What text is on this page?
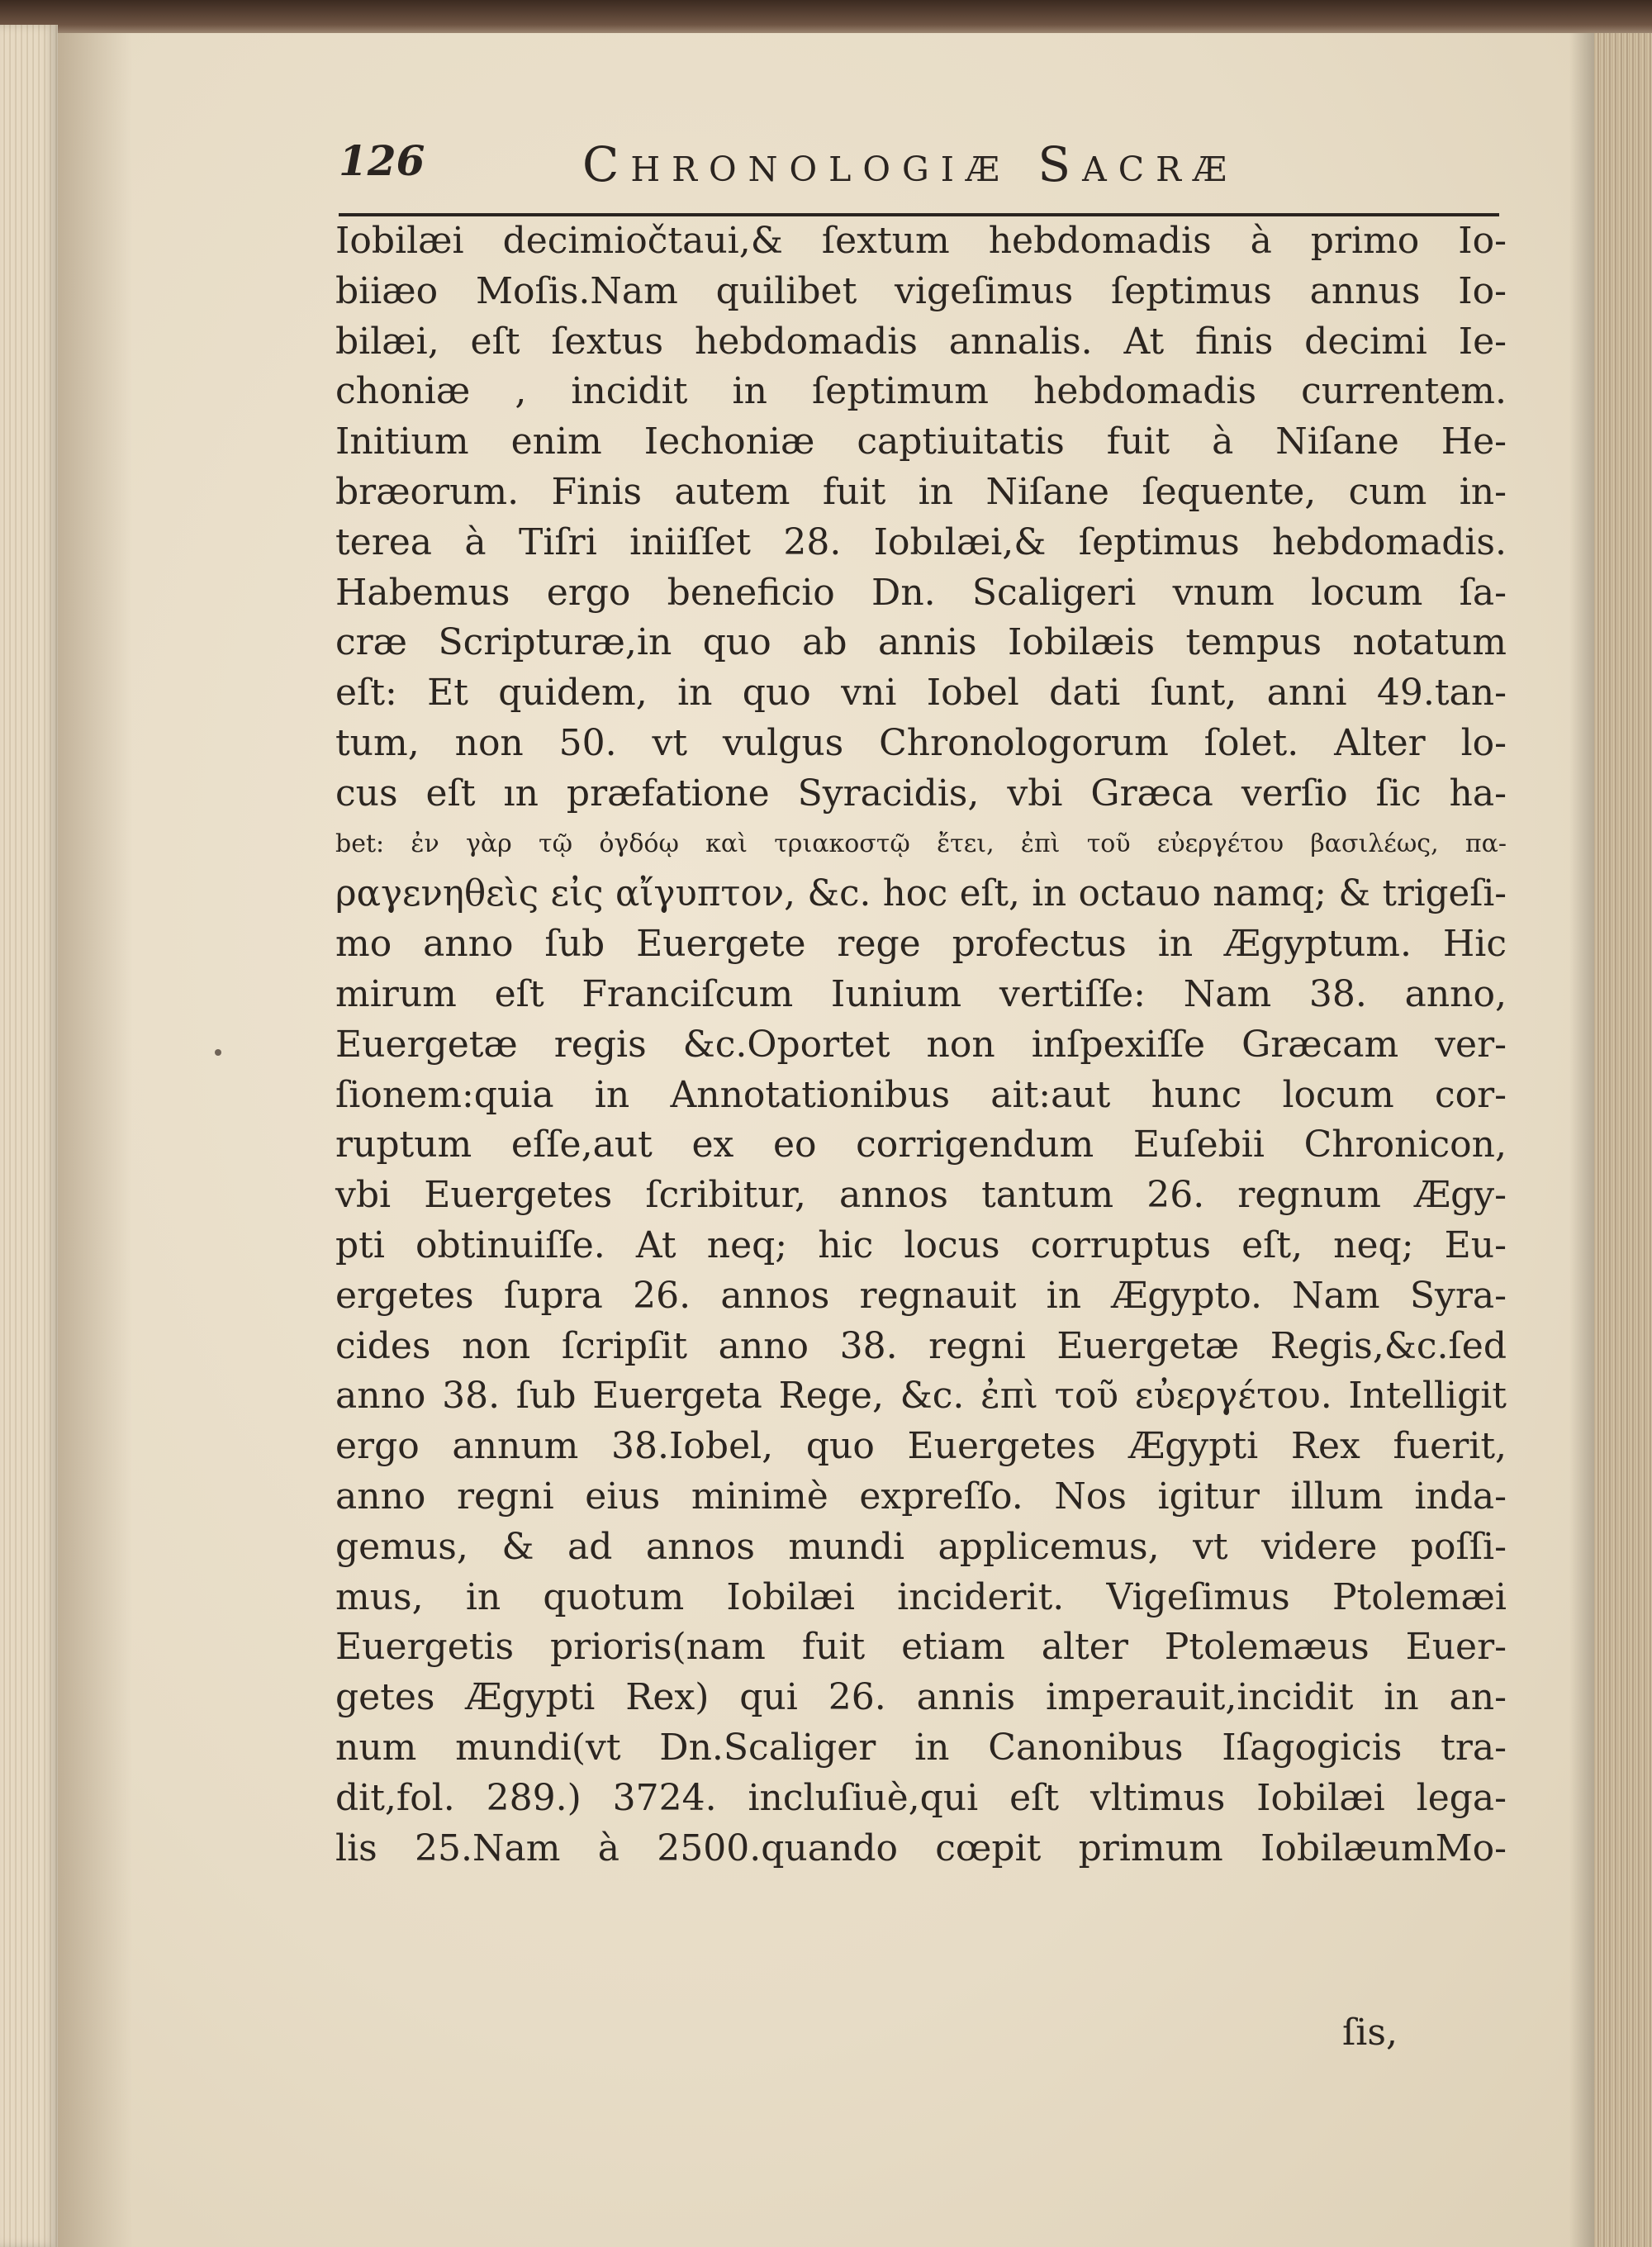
126	Chronologiæ Sacræ
Iobilæi decimiočtaui,& ſextum hebdomadis à primo Io-
biiæo Moſis.Nam quilibet vigeſimus ſeptimus annus Io-
bilæi, eſt ſextus hebdomadis annalis. At finis decimi Ie-
choniæ , incidit in ſeptimum hebdomadis currentem.
Initium enim Iechoniæ captiuitatis fuit à Niſane He-
bræorum. Finis autem fuit in Niſane ſequente, cum in-
terea à Tiſri iniiſſet 28. Iobılæi,& ſeptimus hebdomadis.
Habemus ergo beneficio Dn. Scaligeri vnum locum ſa-
cræ Scripturæ,in quo ab annis Iobilæis tempus notatum
eſt: Et quidem, in quo vni Iobel dati ſunt, anni 49.tan-
tum, non 50. vt vulgus Chronologorum ſolet. Alter lo-
cus eſt ın præfatione Syracidis, vbi Græca verſio ſic ha-
bet: ἐν γὰρ τῷ ὀγδόῳ καὶ τριακοστῷ ἔτει, ἐπὶ τοῦ εὐεργέτου βασιλέως, πα-
ραγενηθεὶς εἰς αἴγυπτον, &c. hoc eſt, in octauo namq; & trigeſi-
mo anno ſub Euergete rege profectus in Ægyptum. Hic
mirum eſt Franciſcum Iunium vertiſſe: Nam 38. anno,
Euergetæ regis &c.Oportet non inſpexiſſe Græcam ver-
ſionem:quia in Annotationibus ait:aut hunc locum cor-
ruptum eſſe,aut ex eo corrigendum Euſebii Chronicon,
vbi Euergetes ſcribitur, annos tantum 26. regnum Ægy-
pti obtinuiſſe. At neq; hic locus corruptus eſt, neq; Eu-
ergetes ſupra 26. annos regnauit in Ægypto. Nam Syra-
cides non ſcripſit anno 38. regni Euergetæ Regis,&c.ſed
anno 38. ſub Euergeta Rege, &c. ἐπὶ τοῦ εὐεργέτου. Intelligit
ergo annum 38.Iobel, quo Euergetes Ægypti Rex fuerit,
anno regni eius minimè expreſſo. Nos igitur illum inda-
gemus, & ad annos mundi applicemus, vt videre poſſi-
mus, in quotum Iobilæi inciderit. Vigeſimus Ptolemæi
Euergetis prioris(nam fuit etiam alter Ptolemæus Euer-
getes Ægypti Rex) qui 26. annis imperauit,incidit in an-
num mundi(vt Dn.Scaliger in Canonibus Iſagogicis tra-
dit,fol. 289.) 3724. incluſiuè,qui eſt vltimus Iobilæi lega-
lis 25.Nam à 2500.quando cœpit primum IobilæumMo-
ſis,
